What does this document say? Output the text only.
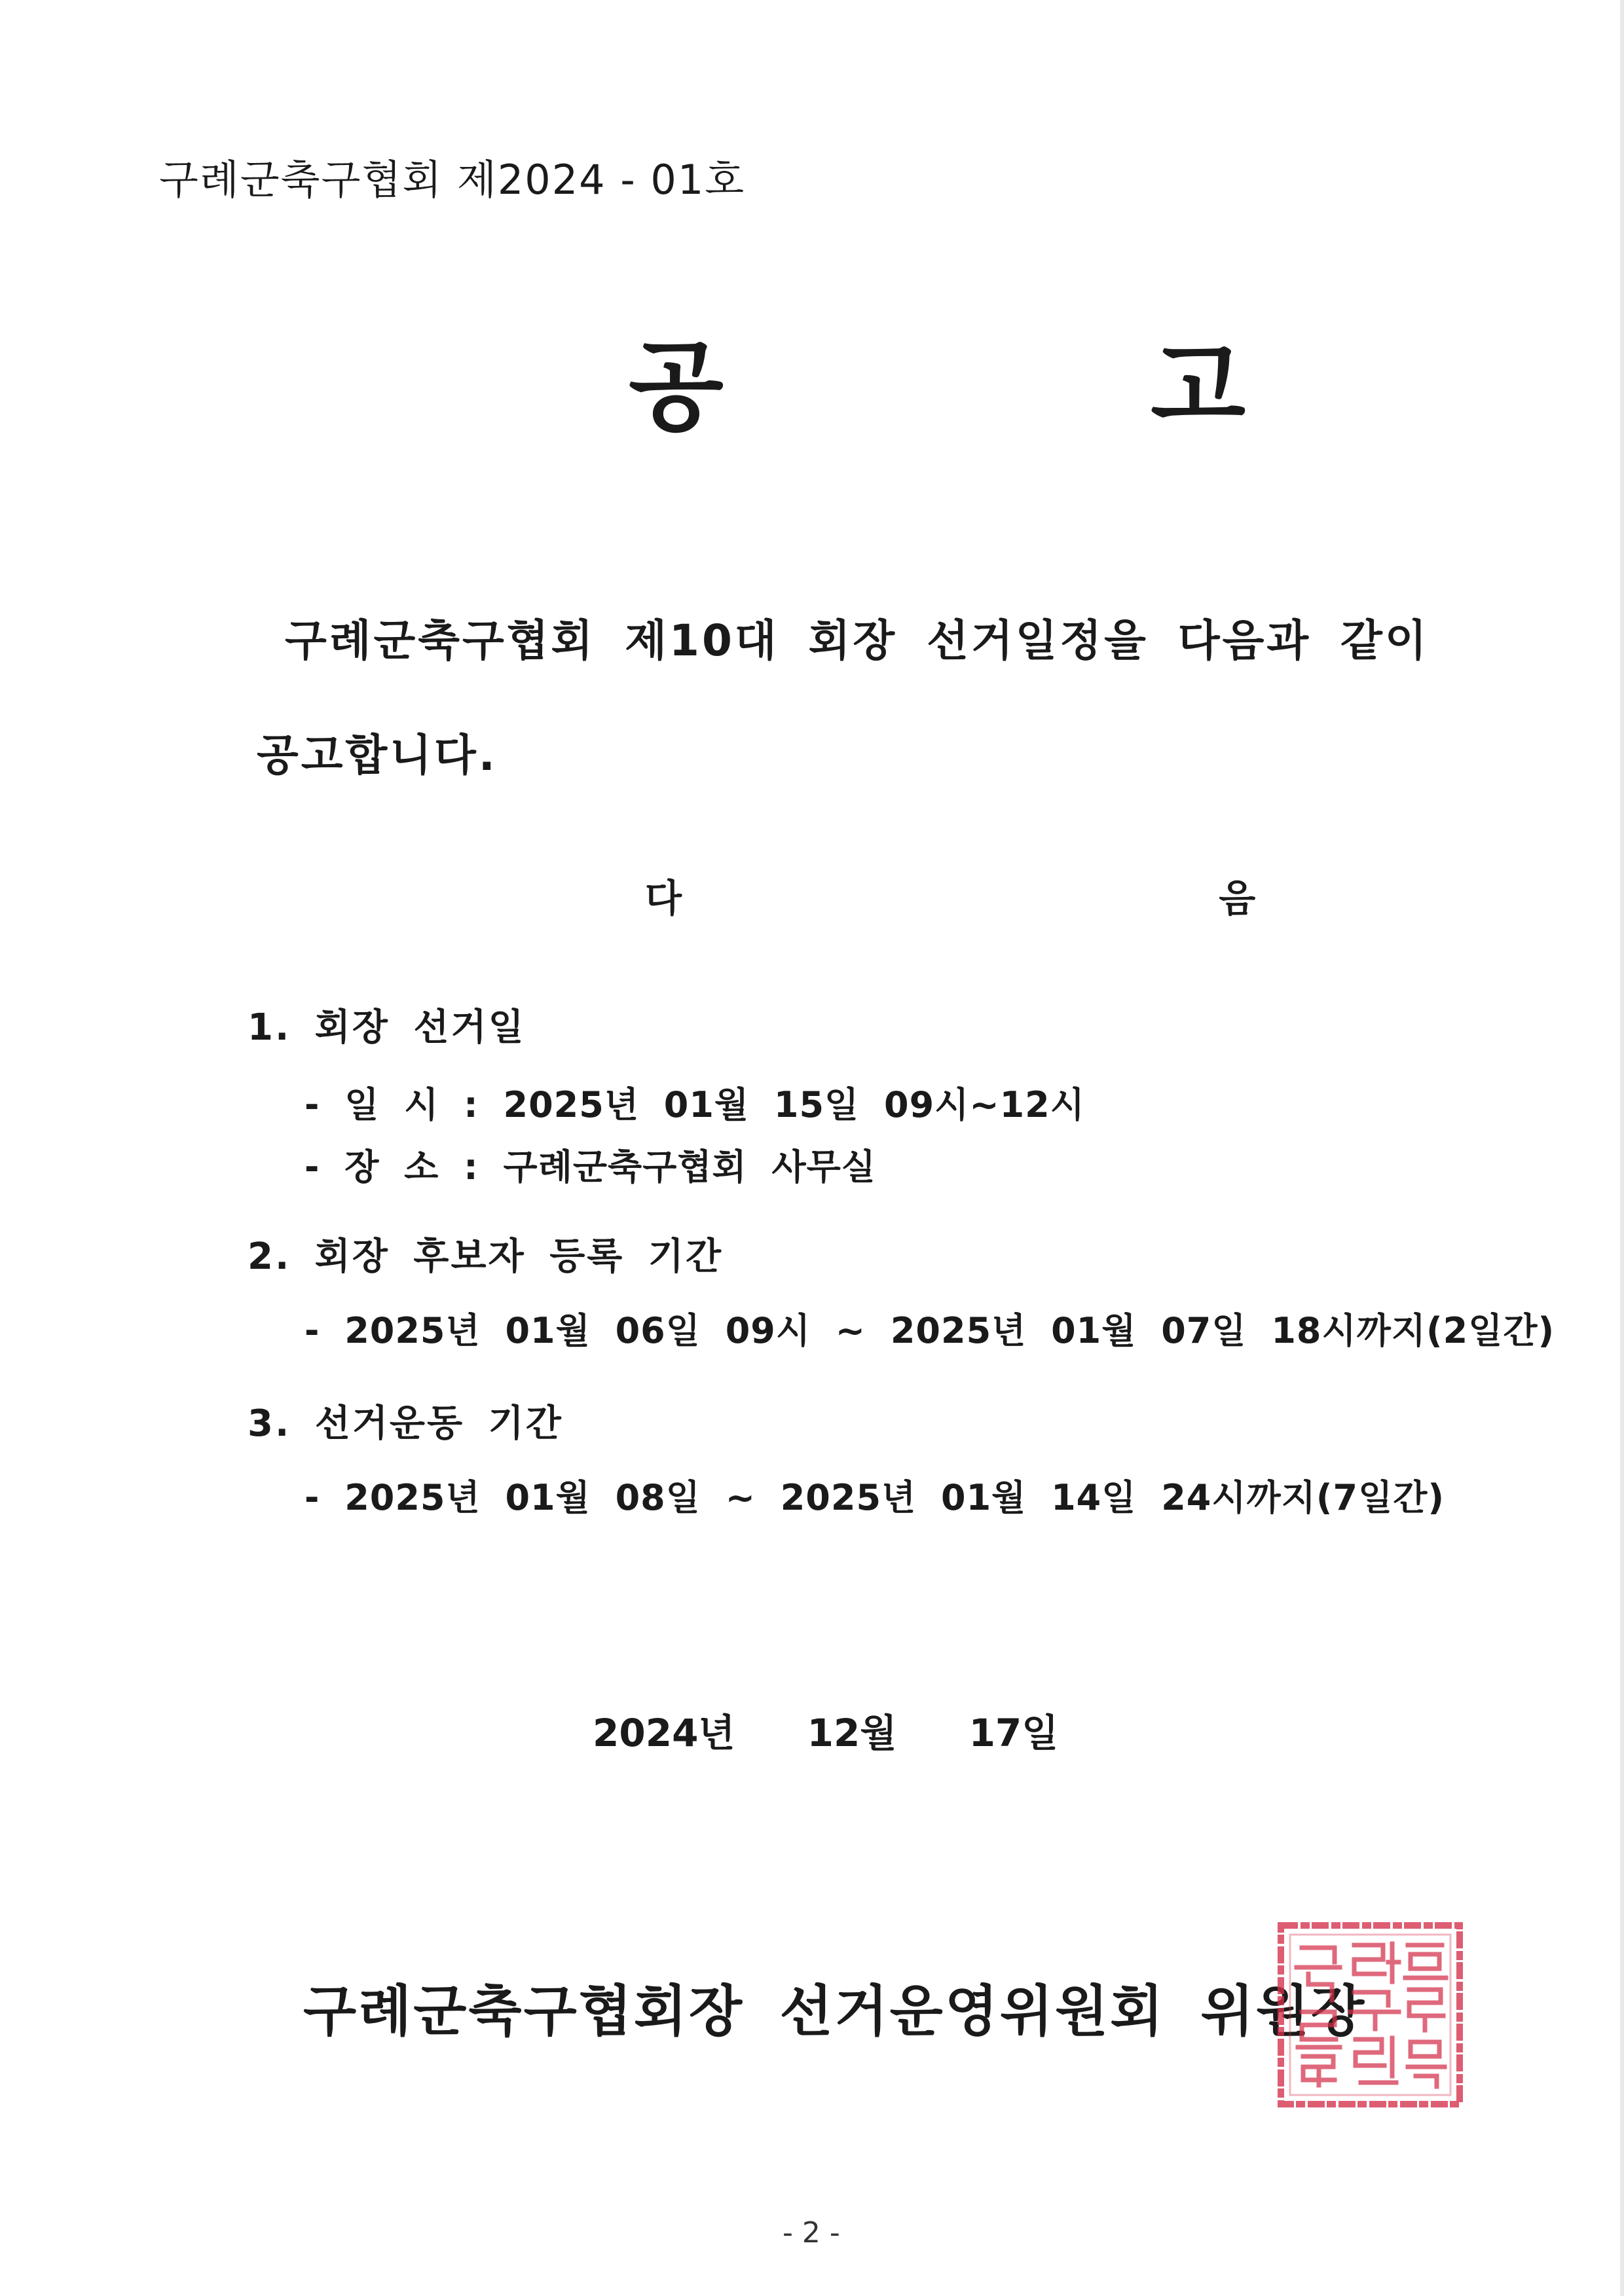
구례군축구협회 제2024 - 01호
공 고
구례군축구협회 제10대 회장 선거일정을 다음과 같이
공고합니다.
다 음
1. 회장 선거일
- 일 시 : 2025년 01월 15일 09시~12시
- 장 소 : 구례군축구협회 사무실
2. 회장 후보자 등록 기간
- 2025년 01월 06일 09시 ~ 2025년 01월 07일 18시까지(2일간)
3. 선거운동 기간
- 2025년 01월 08일 ~ 2025년 01월 14일 24시까지(7일간)
2024년 12월 17일
구례군축구협회장 선거운영위원회 위원장
구례군축구협회장선거운영위원회
- 2 -
